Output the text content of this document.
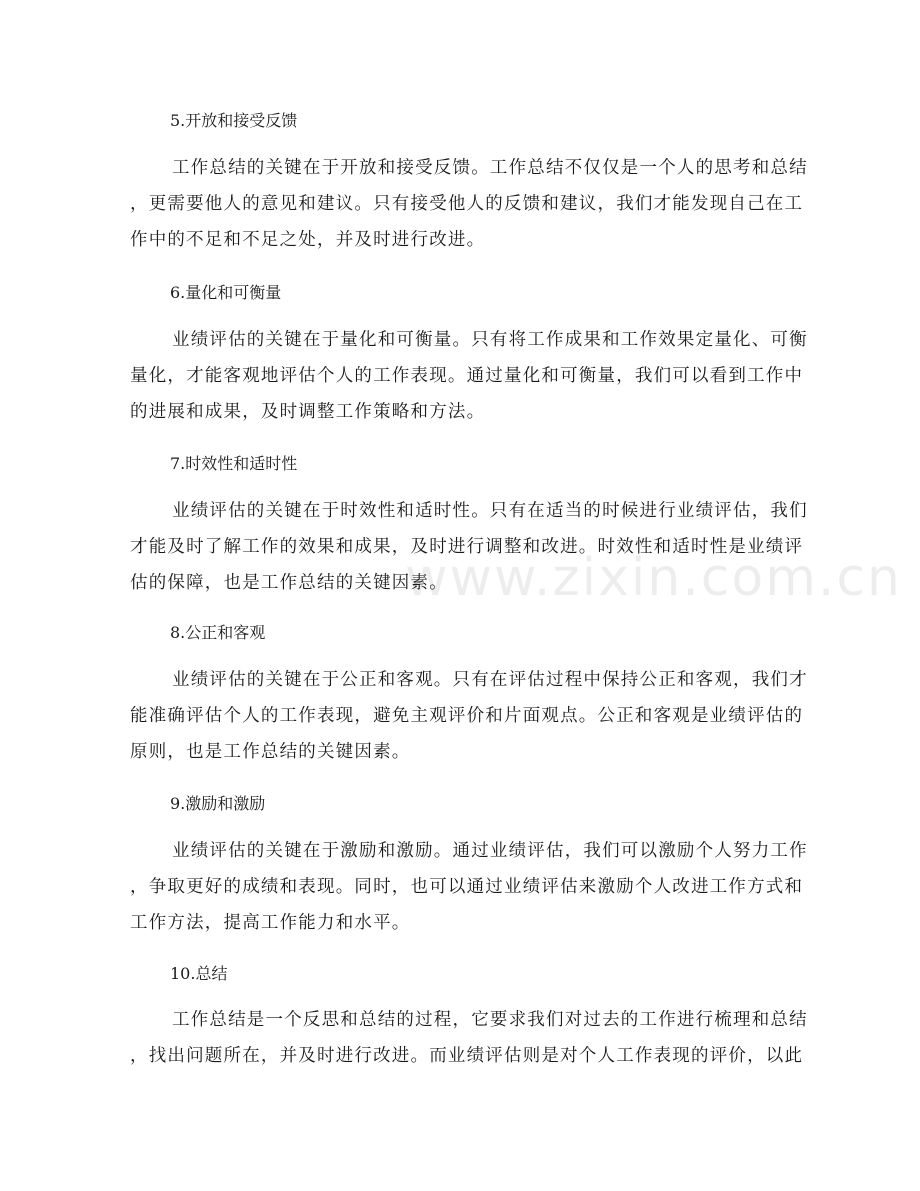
5.开放和接受反馈
工作总结的关键在于开放和接受反馈。工作总结不仅仅是一个人的思考和总结
，更需要他人的意见和建议。只有接受他人的反馈和建议，我们才能发现自己在工
作中的不足和不足之处，并及时进行改进。
6.量化和可衡量
业绩评估的关键在于量化和可衡量。只有将工作成果和工作效果定量化、可衡
量化，才能客观地评估个人的工作表现。通过量化和可衡量，我们可以看到工作中
的进展和成果，及时调整工作策略和方法。
7.时效性和适时性
业绩评估的关键在于时效性和适时性。只有在适当的时候进行业绩评估，我们
才能及时了解工作的效果和成果，及时进行调整和改进。时效性和适时性是业绩评
估的保障，也是工作总结的关键因素。
8.公正和客观
业绩评估的关键在于公正和客观。只有在评估过程中保持公正和客观，我们才
能准确评估个人的工作表现，避免主观评价和片面观点。公正和客观是业绩评估的
原则，也是工作总结的关键因素。
9.激励和激励
业绩评估的关键在于激励和激励。通过业绩评估，我们可以激励个人努力工作
，争取更好的成绩和表现。同时，也可以通过业绩评估来激励个人改进工作方式和
工作方法，提高工作能力和水平。
10.总结
工作总结是一个反思和总结的过程，它要求我们对过去的工作进行梳理和总结
，找出问题所在，并及时进行改进。而业绩评估则是对个人工作表现的评价，以此
www.zixin.com.cn
